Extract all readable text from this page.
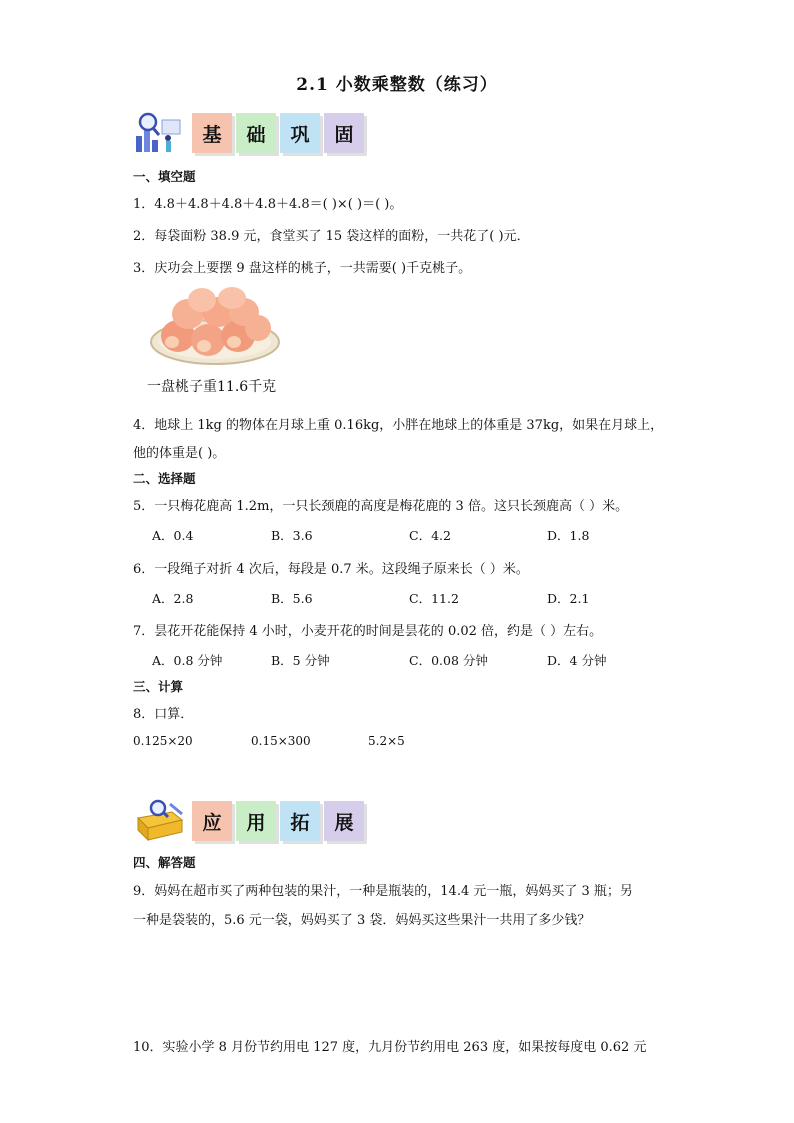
2.1 小数乘整数（练习）
基	础	巩	固
一、填空题
1．4.8＋4.8＋4.8＋4.8＋4.8＝( )×( )＝( )。
2．每袋面粉 38.9 元，食堂买了 15 袋这样的面粉，一共花了( )元．
3．庆功会上要摆 9 盘这样的桃子，一共需要( )千克桃子。
一盘桃子重11.6千克
4．地球上 1kg 的物体在月球上重 0.16kg，小胖在地球上的体重是 37kg，如果在月球上，
他的体重是( )。
二、选择题
5．一只梅花鹿高 1.2m，一只长颈鹿的高度是梅花鹿的 3 倍。这只长颈鹿高（ ）米。
A．0.4	B．3.6	C．4.2	D．1.8
6．一段绳子对折 4 次后，每段是 0.7 米。这段绳子原来长（ ）米。
A．2.8	B．5.6	C．11.2	D．2.1
7．昙花开花能保持 4 小时，小麦开花的时间是昙花的 0.02 倍，约是（ ）左右。
A．0.8 分钟	B．5 分钟	C．0.08 分钟	D．4 分钟
三、计算
8．口算．
0.125×20	0.15×300	5.2×5
应	用	拓	展
四、解答题
9．妈妈在超市买了两种包装的果汁，一种是瓶装的，14.4 元一瓶，妈妈买了 3 瓶；另
一种是袋装的，5.6 元一袋，妈妈买了 3 袋．妈妈买这些果汁一共用了多少钱？
10．实验小学 8 月份节约用电 127 度，九月份节约用电 263 度，如果按每度电 0.62 元
